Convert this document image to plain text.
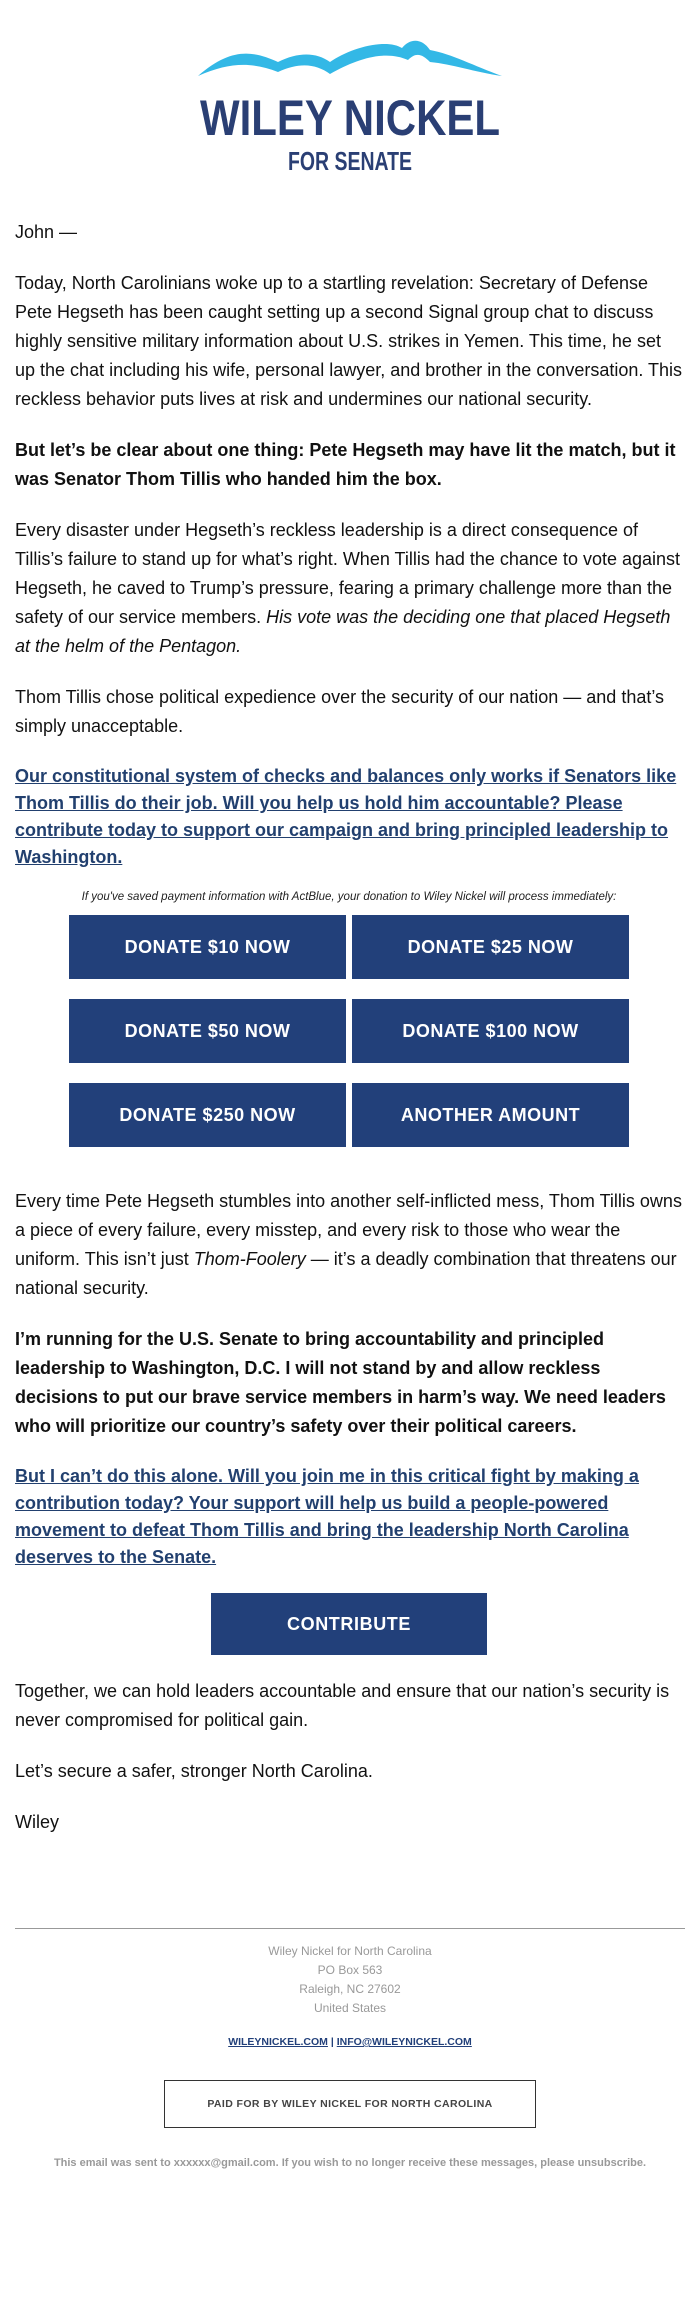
WILEY NICKEL
FOR SENATE

John —

Today, North Carolinians woke up to a startling revelation: Secretary of Defense Pete Hegseth has been caught setting up a second Signal group chat to discuss highly sensitive military information about U.S. strikes in Yemen. This time, he set up the chat including his wife, personal lawyer, and brother in the conversation. This reckless behavior puts lives at risk and undermines our national security.

But let’s be clear about one thing: Pete Hegseth may have lit the match, but it was Senator Thom Tillis who handed him the box.

Every disaster under Hegseth’s reckless leadership is a direct consequence of Tillis’s failure to stand up for what’s right. When Tillis had the chance to vote against Hegseth, he caved to Trump’s pressure, fearing a primary challenge more than the safety of our service members. His vote was the deciding one that placed Hegseth at the helm of the Pentagon.

Thom Tillis chose political expedience over the security of our nation — and that’s simply unacceptable.

Our constitutional system of checks and balances only works if Senators like Thom Tillis do their job. Will you help us hold him accountable? Please contribute today to support our campaign and bring principled leadership to Washington.

If you've saved payment information with ActBlue, your donation to Wiley Nickel will process immediately:

DONATE $10 NOW	DONATE $25 NOW
DONATE $50 NOW	DONATE $100 NOW
DONATE $250 NOW	ANOTHER AMOUNT

Every time Pete Hegseth stumbles into another self-inflicted mess, Thom Tillis owns a piece of every failure, every misstep, and every risk to those who wear the uniform. This isn’t just Thom-Foolery — it’s a deadly combination that threatens our national security.

I’m running for the U.S. Senate to bring accountability and principled leadership to Washington, D.C. I will not stand by and allow reckless decisions to put our brave service members in harm’s way. We need leaders who will prioritize our country’s safety over their political careers.

But I can’t do this alone. Will you join me in this critical fight by making a contribution today? Your support will help us build a people-powered movement to defeat Thom Tillis and bring the leadership North Carolina deserves to the Senate.

CONTRIBUTE

Together, we can hold leaders accountable and ensure that our nation’s security is never compromised for political gain.

Let’s secure a safer, stronger North Carolina.

Wiley

Wiley Nickel for North Carolina
PO Box 563
Raleigh, NC 27602
United States
WILEYNICKEL.COM | INFO@WILEYNICKEL.COM
PAID FOR BY WILEY NICKEL FOR NORTH CAROLINA
This email was sent to xxxxxx@gmail.com. If you wish to no longer receive these messages, please unsubscribe.
